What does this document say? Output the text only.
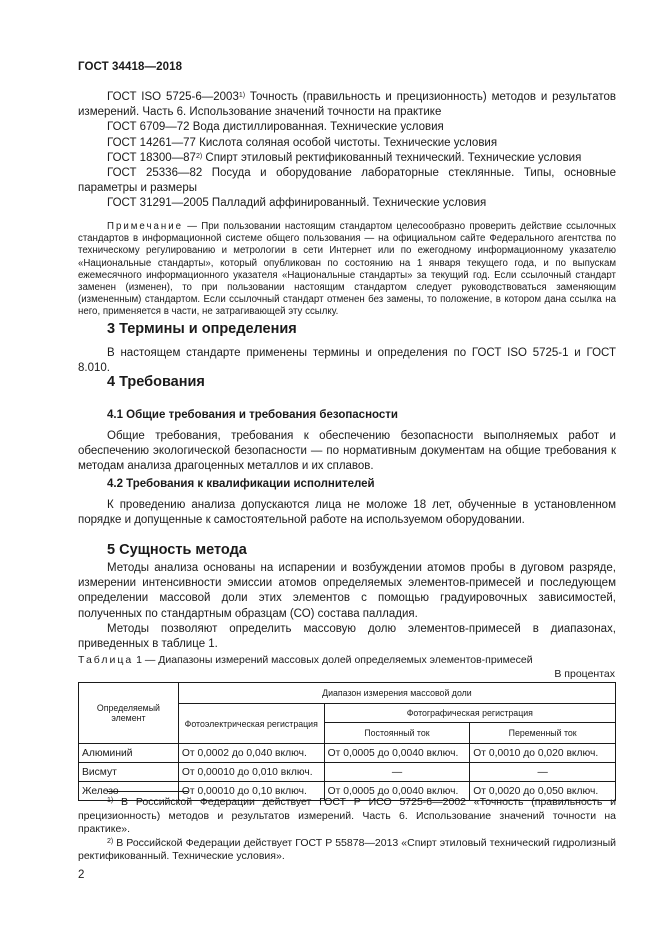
ГОСТ 34418—2018

ГОСТ ISO 5725-6—2003$^{1)}$ Точность (правильность и прецизионность) методов и результатов измерений. Часть 6. Использование значений точности на практике

ГОСТ 6709—72 Вода дистиллированная. Технические условия

ГОСТ 14261—77 Кислота соляная особой чистоты. Технические условия

ГОСТ 18300—87$^{2)}$ Спирт этиловый ректификованный технический. Технические условия

ГОСТ 25336—82 Посуда и оборудование лабораторные стеклянные. Типы, основные параметры и размеры

ГОСТ 31291—2005 Палладий аффинированный. Технические условия

Примечание — При пользовании настоящим стандартом целесообразно проверить действие ссылочных стандартов в информационной системе общего пользования — на официальном сайте Федерального агентства по техническому регулированию и метрологии в сети Интернет или по ежегодному информационному указателю «Национальные стандарты», который опубликован по состоянию на 1 января текущего года, и по выпускам ежемесячного информационного указателя «Национальные стандарты» за текущий год. Если ссылочный стандарт заменен (изменен), то при пользовании настоящим стандартом следует руководствоваться заменяющим (измененным) стандартом. Если ссылочный стандарт отменен без замены, то положение, в котором дана ссылка на него, применяется в части, не затрагивающей эту ссылку.

3 Термины и определения

В настоящем стандарте применены термины и определения по ГОСТ ISO 5725-1 и ГОСТ 8.010.

4 Требования
4.1 Общие требования и требования безопасности

Общие требования, требования к обеспечению безопасности выполняемых работ и обеспечению экологической безопасности — по нормативным документам на общие требования к методам анализа драгоценных металлов и их сплавов.

4.2 Требования к квалификации исполнителей

К проведению анализа допускаются лица не моложе 18 лет, обученные в установленном порядке и допущенные к самостоятельной работе на используемом оборудовании.

5 Сущность метода

Методы анализа основаны на испарении и возбуждении атомов пробы в дуговом разряде, измерении интенсивности эмиссии атомов определяемых элементов-примесей и последующем определении массовой доли этих элементов с помощью градуировочных зависимостей, полученных по стандартным образцам (СО) состава палладия.

Методы позволяют определить массовую долю элементов-примесей в диапазонах, приведенных в таблице 1.

Таблица 1 — Диапазоны измерений массовых долей определяемых элементов-примесей
В процентах
Определяемый элемент	Диапазон измерения массовой доли		
	Фотоэлектрическая регистрация	Фотографическая регистрация	
		Постоянный ток	Переменный ток
Алюминий	От 0,0002 до 0,040 включ.	От 0,0005 до 0,0040 включ.	От 0,0010 до 0,020 включ.
Висмут	От 0,00010 до 0,010 включ.	—	—
Железо	От 0,00010 до 0,10 включ.	От 0,0005 до 0,0040 включ.	От 0,0020 до 0,050 включ.

$^{1)}$ В Российской Федерации действует ГОСТ Р ИСО 5725-6—2002 «Точность (правильность и прецизионность) методов и результатов измерений. Часть 6. Использование значений точности на практике».

$^{2)}$ В Российской Федерации действует ГОСТ Р 55878—2013 «Спирт этиловый технический гидролизный ректификованный. Технические условия».

2
